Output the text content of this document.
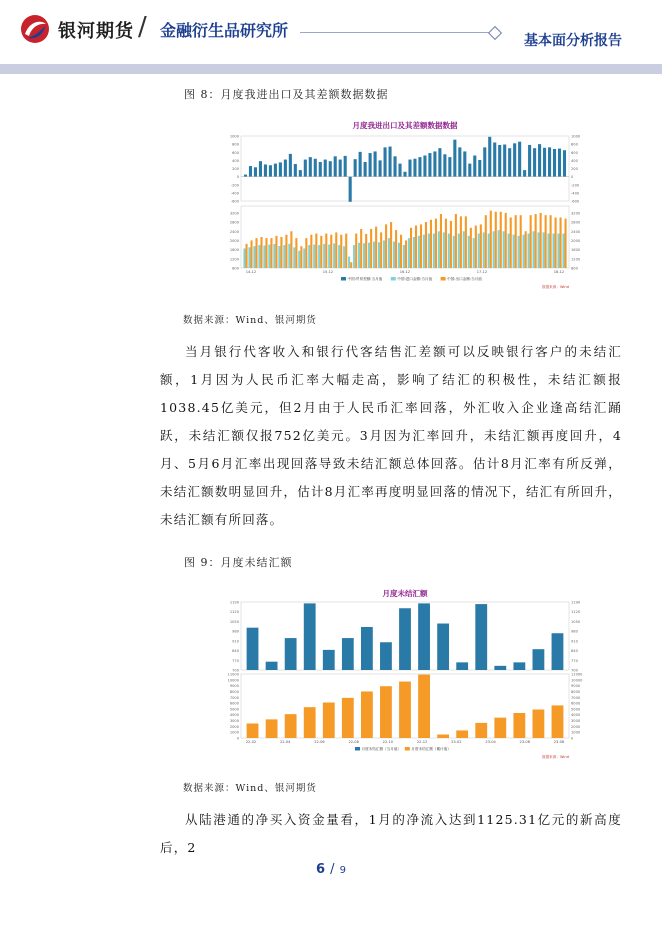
银河期货 / 金融衍生品研究所
基本面分析报告
图 8：月度我进出口及其差额数据数据
月度我进出口及其差额数据数据
1000	1000
800	800
600	600
400	400
200	200
0	0
-200	-200
-400	-400
-600	-600
3200	3200
2800	2800
2400	2400
2000	2000
1600	1600
1200	1200
800	800
14-12	15-12	16-12	17-12	18-12
中国:贸易差额:当月值	中国:进口金额:当月值	中国:出口金额:当月值
数据来源：Wind
数据来源：Wind、银河期货

当月银行代客收入和银行代客结售汇差额可以反映银行客户的未结汇额，1月因为人民币汇率大幅走高，影响了结汇的积极性，未结汇额报1038.45亿美元，但2月由于人民币汇率回落，外汇收入企业逢高结汇踊跃，未结汇额仅报752亿美元。3月因为汇率回升，未结汇额再度回升，4月、5月6月汇率出现回落导致未结汇额总体回落。估计8月汇率有所反弹，未结汇额数明显回升，估计8月汇率再度明显回落的情况下，结汇有所回升，未结汇额有所回落。

图 9：月度未结汇额
月度未结汇额
1190	1190
1120	1120
1050	1050
980	980
910	910
840	840
770	770
700	700
11000	11000
10000	10000
9000	9000
8000	8000
7000	7000
6000	6000
5000	5000
4000	4000
3000	3000
2000	2000
1000	1000
0	0
22-02	22-04	22-06	22-08	22-10	22-12	23-02	23-04	23-06	23-08
月度未结汇额（当月值）	月度未结汇额（累计值）
数据来源：Wind
数据来源：Wind、银河期货

从陆港通的净买入资金量看，1月的净流入达到1125.31亿元的新高度后，2

6 / 9
